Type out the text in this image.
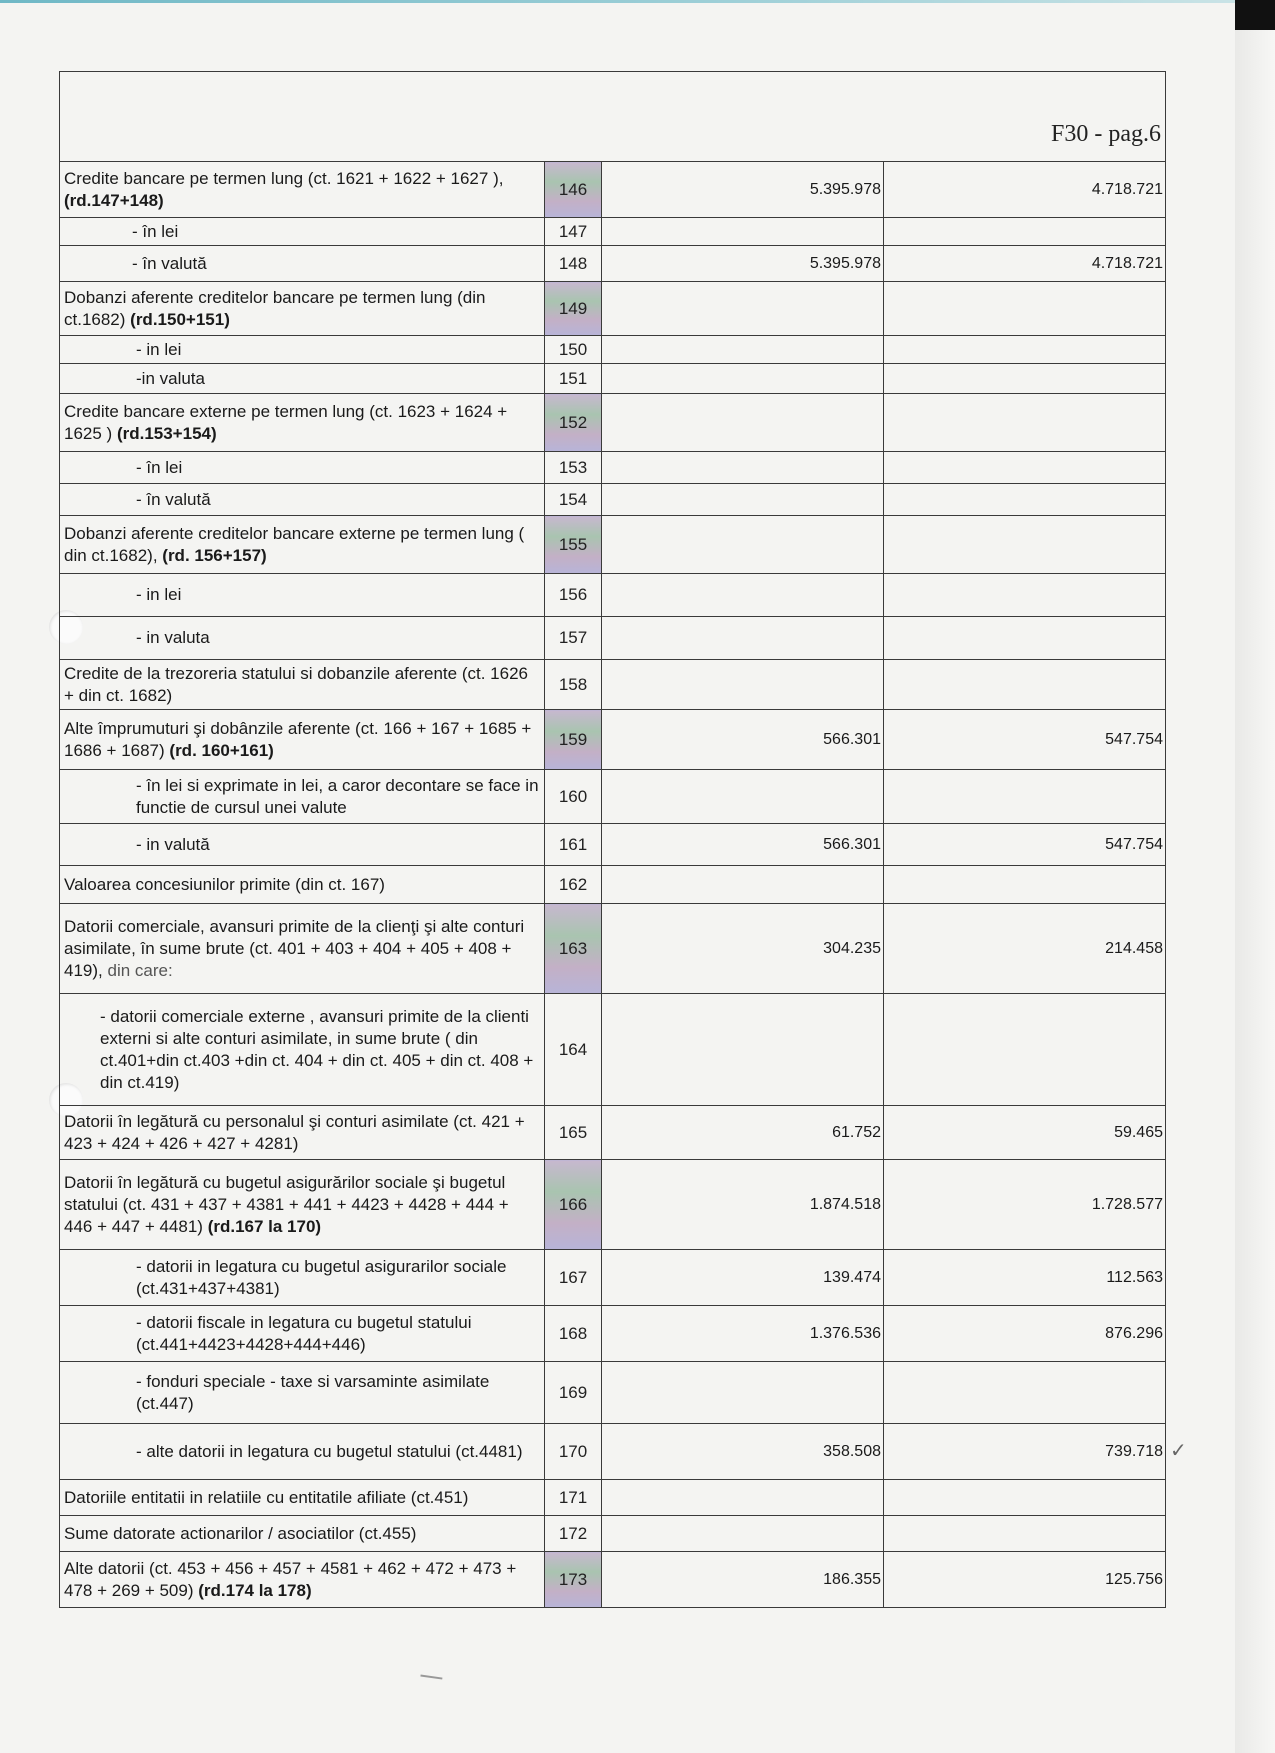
F30 - pag.6			
Credite bancare pe termen lung (ct. 1621 + 1622 + 1627 ), (rd.147+148)	146	5.395.978	4.718.721
- în lei	147		
- în valută	148	5.395.978	4.718.721
Dobanzi aferente creditelor bancare pe termen lung (din ct.1682) (rd.150+151)	149		
- in lei	150		
-in valuta	151		
Credite bancare externe pe termen lung (ct. 1623 + 1624 + 1625 ) (rd.153+154)	152		
- în lei	153		
- în valută	154		
Dobanzi aferente creditelor bancare externe pe termen lung ( din ct.1682), (rd. 156+157)	155		
- in lei	156		
- in valuta	157		
Credite de la trezoreria statului si dobanzile aferente (ct. 1626 + din ct. 1682)	158		
Alte împrumuturi şi dobânzile aferente (ct. 166 + 167 + 1685 + 1686 + 1687) (rd. 160+161)	159	566.301	547.754
- în lei si exprimate in lei, a caror decontare se face in functie de cursul unei valute	160		
- in valută	161	566.301	547.754
Valoarea concesiunilor primite (din ct. 167)	162		
Datorii comerciale, avansuri primite de la clienţi şi alte conturi asimilate, în sume brute (ct. 401 + 403 + 404 + 405 + 408 + 419), din care:	163	304.235	214.458
- datorii comerciale externe , avansuri primite de la clienti externi si alte conturi asimilate, in sume brute ( din ct.401+din ct.403 +din ct. 404 + din ct. 405 + din ct. 408 + din ct.419)	164		
Datorii în legătură cu personalul şi conturi asimilate (ct. 421 + 423 + 424 + 426 + 427 + 4281)	165	61.752	59.465
Datorii în legătură cu bugetul asigurărilor sociale şi bugetul statului (ct. 431 + 437 + 4381 + 441 + 4423 + 4428 + 444 + 446 + 447 + 4481) (rd.167 la 170)	166	1.874.518	1.728.577
- datorii in legatura cu bugetul asigurarilor sociale (ct.431+437+4381)	167	139.474	112.563
- datorii fiscale in legatura cu bugetul statului (ct.441+4423+4428+444+446)	168	1.376.536	876.296
- fonduri speciale - taxe si varsaminte asimilate (ct.447)	169		
- alte datorii in legatura cu bugetul statului (ct.4481)	170	358.508	739.718
Datoriile entitatii in relatiile cu entitatile afiliate (ct.451)	171		
Sume datorate actionarilor / asociatilor (ct.455)	172		
Alte datorii (ct. 453 + 456 + 457 + 4581 + 462 + 472 + 473 + 478 + 269 + 509) (rd.174 la 178)	173	186.355	125.756
✓
